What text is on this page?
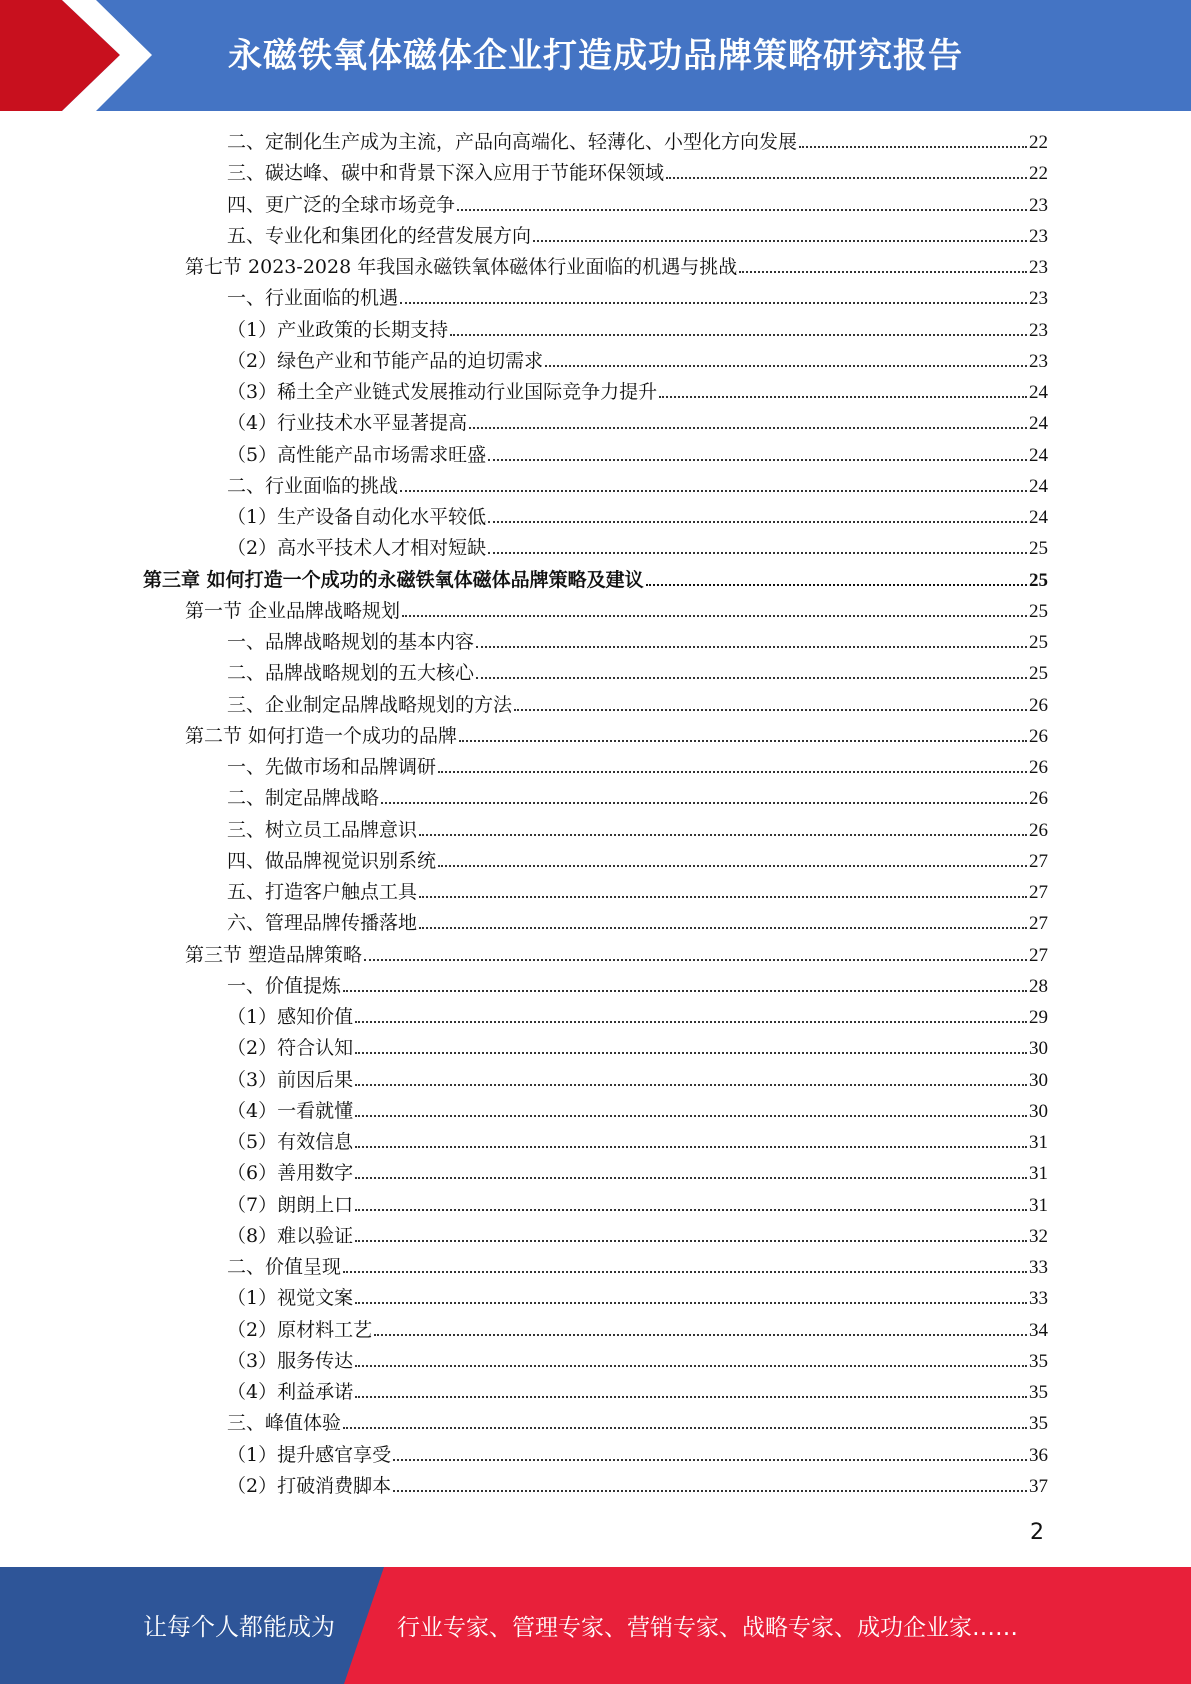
永磁铁氧体磁体企业打造成功品牌策略研究报告
二、定制化生产成为主流，产品向高端化、轻薄化、小型化方向发展	22
三、碳达峰、碳中和背景下深入应用于节能环保领域	22
四、更广泛的全球市场竞争	23
五、专业化和集团化的经营发展方向	23
第七节 2023-2028 年我国永磁铁氧体磁体行业面临的机遇与挑战	23
一、行业面临的机遇	23
（1）产业政策的长期支持	23
（2）绿色产业和节能产品的迫切需求	23
（3）稀土全产业链式发展推动行业国际竞争力提升	24
（4）行业技术水平显著提高	24
（5）高性能产品市场需求旺盛	24
二、行业面临的挑战	24
（1）生产设备自动化水平较低	24
（2）高水平技术人才相对短缺	25
第三章 如何打造一个成功的永磁铁氧体磁体品牌策略及建议	25
第一节 企业品牌战略规划	25
一、品牌战略规划的基本内容	25
二、品牌战略规划的五大核心	25
三、企业制定品牌战略规划的方法	26
第二节 如何打造一个成功的品牌	26
一、先做市场和品牌调研	26
二、制定品牌战略	26
三、树立员工品牌意识	26
四、做品牌视觉识别系统	27
五、打造客户触点工具	27
六、管理品牌传播落地	27
第三节 塑造品牌策略	27
一、价值提炼	28
（1）感知价值	29
（2）符合认知	30
（3）前因后果	30
（4）一看就懂	30
（5）有效信息	31
（6）善用数字	31
（7）朗朗上口	31
（8）难以验证	32
二、价值呈现	33
（1）视觉文案	33
（2）原材料工艺	34
（3）服务传达	35
（4）利益承诺	35
三、峰值体验	35
（1）提升感官享受	36
（2）打破消费脚本	37
2
让每个人都能成为	行业专家、管理专家、营销专家、战略专家、成功企业家……
